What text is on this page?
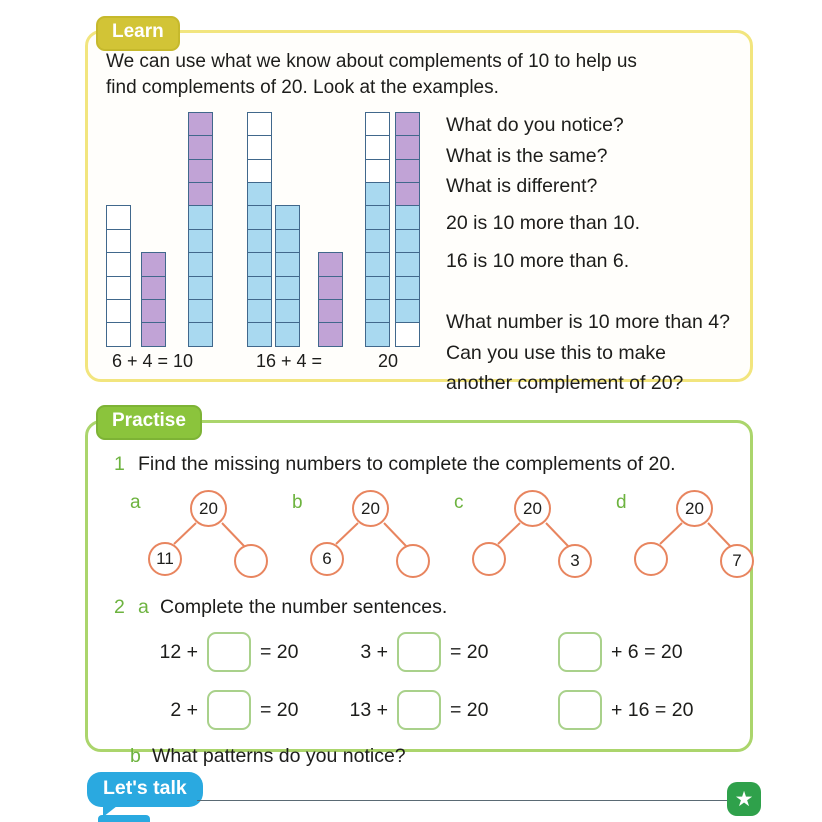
Learn

We can use what we know about complements of 10 to help us

find complements of 20. Look at the examples.

6 + 4 = 10	16 + 4 =	20

What do you notice?

What is the same?

What is different?

20 is 10 more than 10.

16 is 10 more than 6.

What number is 10 more than 4?

Can you use this to make

another complement of 20?

Practise
1 Find the missing numbers to complete the complements of 20.
a	20
11
b	20
6
c	20
3
d	20
7
2 a Complete the number sentences.
12 +	= 20	3 +	= 20	+ 6 = 20
2 +	= 20	13 +	= 20	+ 16 = 20
b What patterns do you notice?
Let's talk	★
